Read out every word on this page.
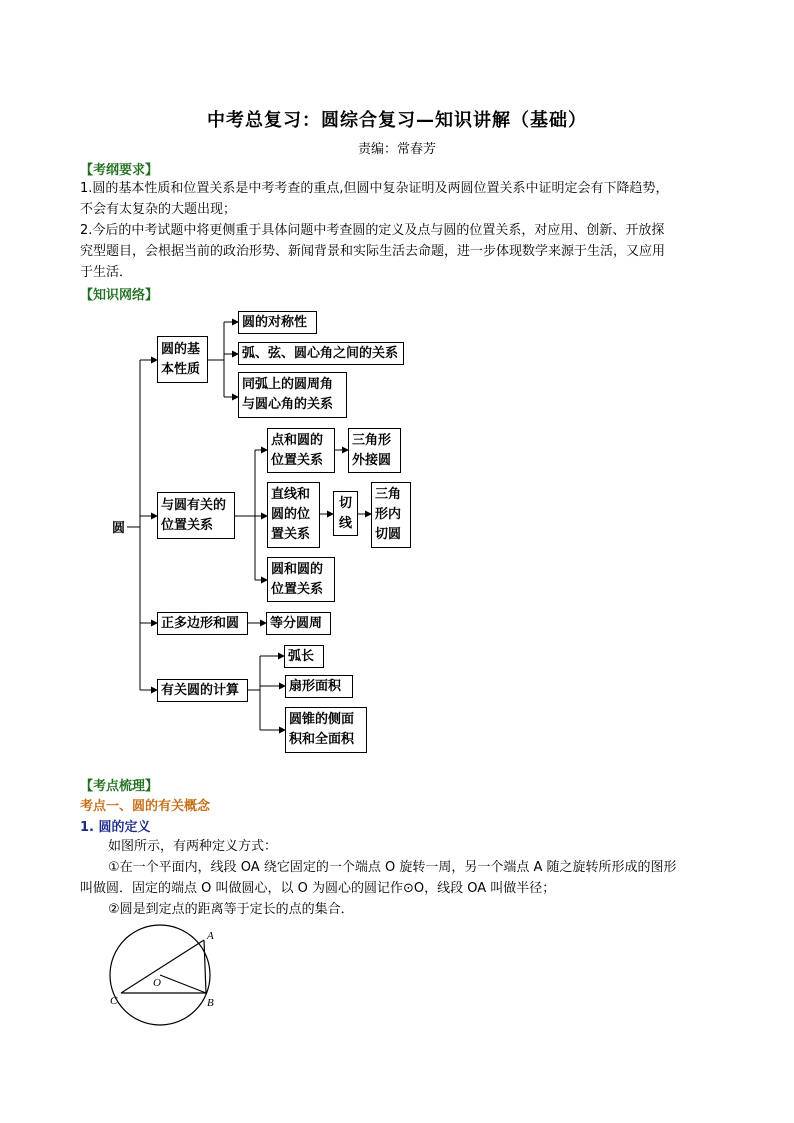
中考总复习：圆综合复习—知识讲解（基础）
责编：常春芳
【考纲要求】
1.圆的基本性质和位置关系是中考考查的重点,但圆中复杂证明及两圆位置关系中证明定会有下降趋势，
不会有太复杂的大题出现；
2.今后的中考试题中将更侧重于具体问题中考查圆的定义及点与圆的位置关系，对应用、创新、开放探
究型题目，会根据当前的政治形势、新闻背景和实际生活去命题，进一步体现数学来源于生活，又应用
于生活．
【知识网络】
圆
圆的基
本性质
圆的对称性
弧、弦、圆心角之间的关系
同弧上的圆周角
与圆心角的关系
与圆有关的
位置关系
点和圆的
位置关系
三角形
外接圆
直线和
圆的位
置关系
切
线
三角
形内
切圆
圆和圆的
位置关系
正多边形和圆 等分圆周
有关圆的计算
弧长
扇形面积
圆锥的侧面
积和全面积
【考点梳理】
考点一、圆的有关概念
1. 圆的定义
如图所示，有两种定义方式：
①在一个平面内，线段 OA 绕它固定的一个端点 O 旋转一周，另一个端点 A 随之旋转所形成的图形
叫做圆．固定的端点 O 叫做圆心，以 O 为圆心的圆记作⊙O，线段 OA 叫做半径；
②圆是到定点的距离等于定长的点的集合．
A
B
C
O
